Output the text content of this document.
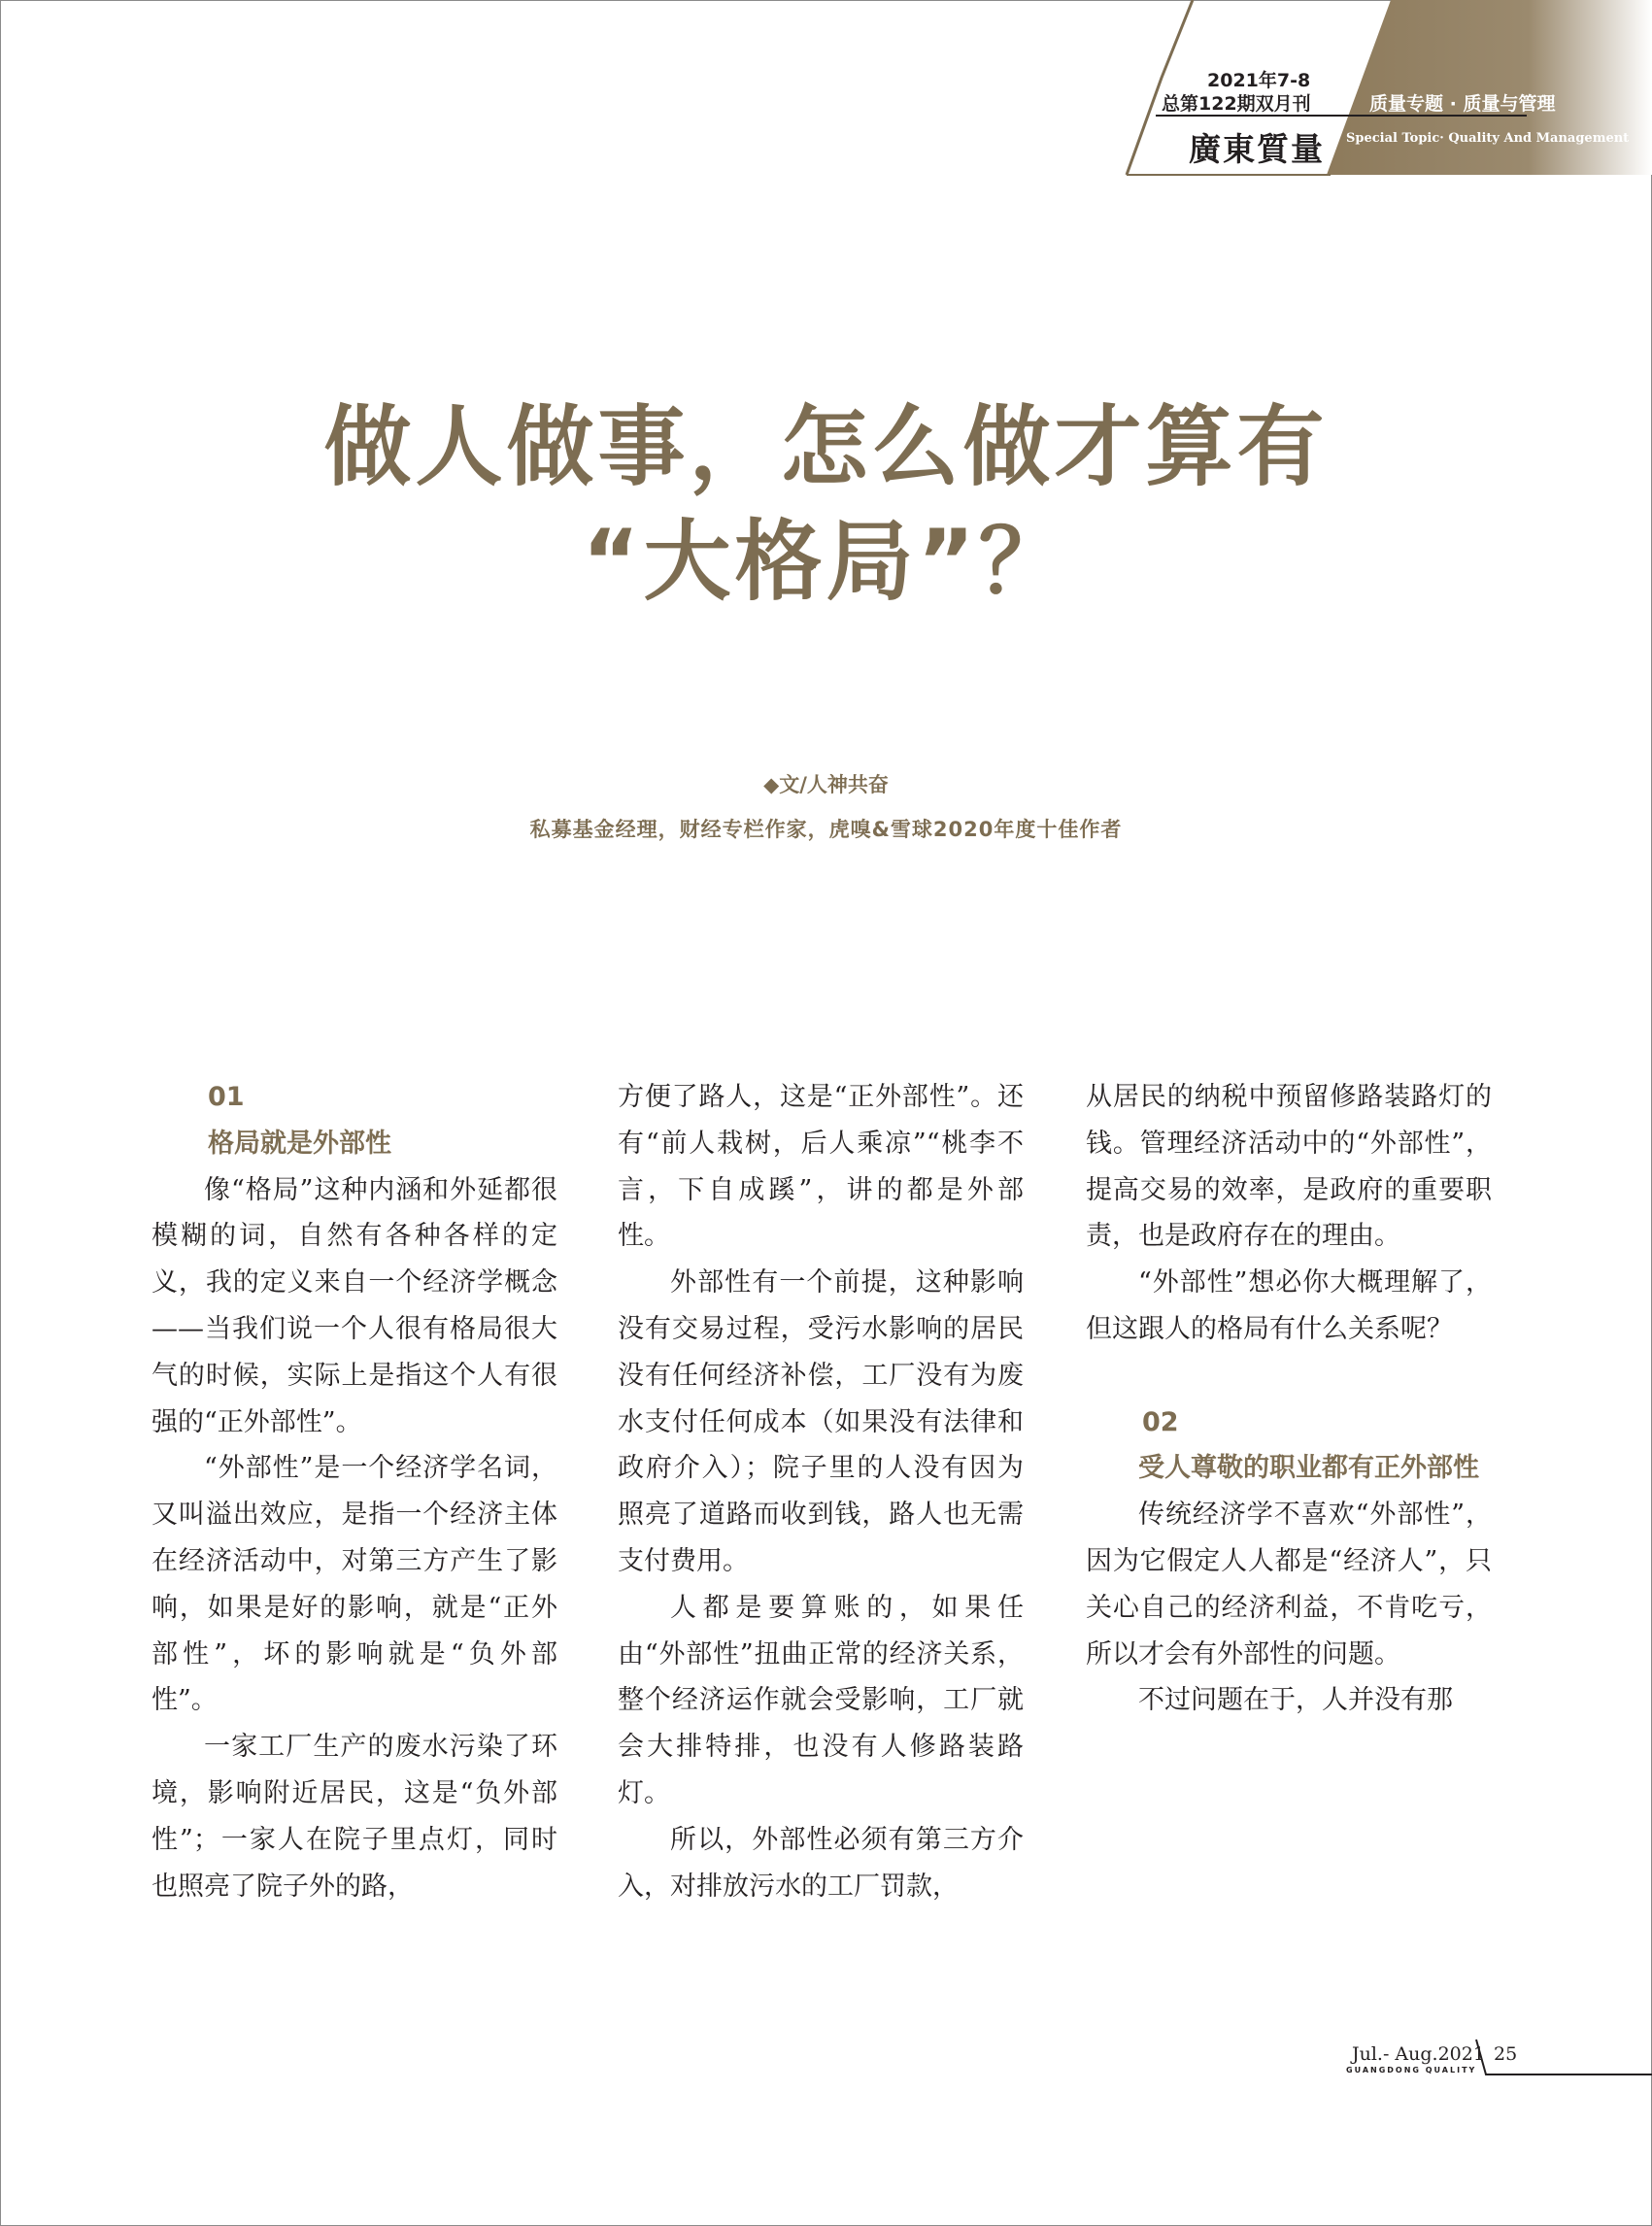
2021年7-8
总第122期双月刊
廣東質量
质量专题 · 质量与管理
Special Topic· Quality And Management
做人做事，怎么做才算有
“大格局”？
◆文/人神共奋
私募基金经理，财经专栏作家，虎嗅&雪球2020年度十佳作者
01
格局就是外部性

像“格局”这种内涵和外延都很模糊的词，自然有各种各样的定义，我的定义来自一个经济学概念——当我们说一个人很有格局很大气的时候，实际上是指这个人有很强的“正外部性”。

“外部性”是一个经济学名词，又叫溢出效应，是指一个经济主体在经济活动中，对第三方产生了影响，如果是好的影响，就是“正外部性”，坏的影响就是“负外部性”。

一家工厂生产的废水污染了环境，影响附近居民，这是“负外部性”；一家人在院子里点灯，同时也照亮了院子外的路，

方便了路人，这是“正外部性”。还有“前人栽树，后人乘凉”“桃李不言，下自成蹊”，讲的都是外部性。

外部性有一个前提，这种影响没有交易过程，受污水影响的居民没有任何经济补偿，工厂没有为废水支付任何成本（如果没有法律和政府介入）；院子里的人没有因为照亮了道路而收到钱，路人也无需支付费用。

人都是要算账的，如果任由“外部性”扭曲正常的经济关系，整个经济运作就会受影响，工厂就会大排特排，也没有人修路装路灯。

所以，外部性必须有第三方介入，对排放污水的工厂罚款，

从居民的纳税中预留修路装路灯的钱。管理经济活动中的“外部性”，提高交易的效率，是政府的重要职责，也是政府存在的理由。

“外部性”想必你大概理解了，但这跟人的格局有什么关系呢？

02
受人尊敬的职业都有正外部性

传统经济学不喜欢“外部性”，因为它假定人人都是“经济人”，只关心自己的经济利益，不肯吃亏，所以才会有外部性的问题。

不过问题在于，人并没有那

Jul.- Aug.2021
GUANGDONG QUALITY
25
